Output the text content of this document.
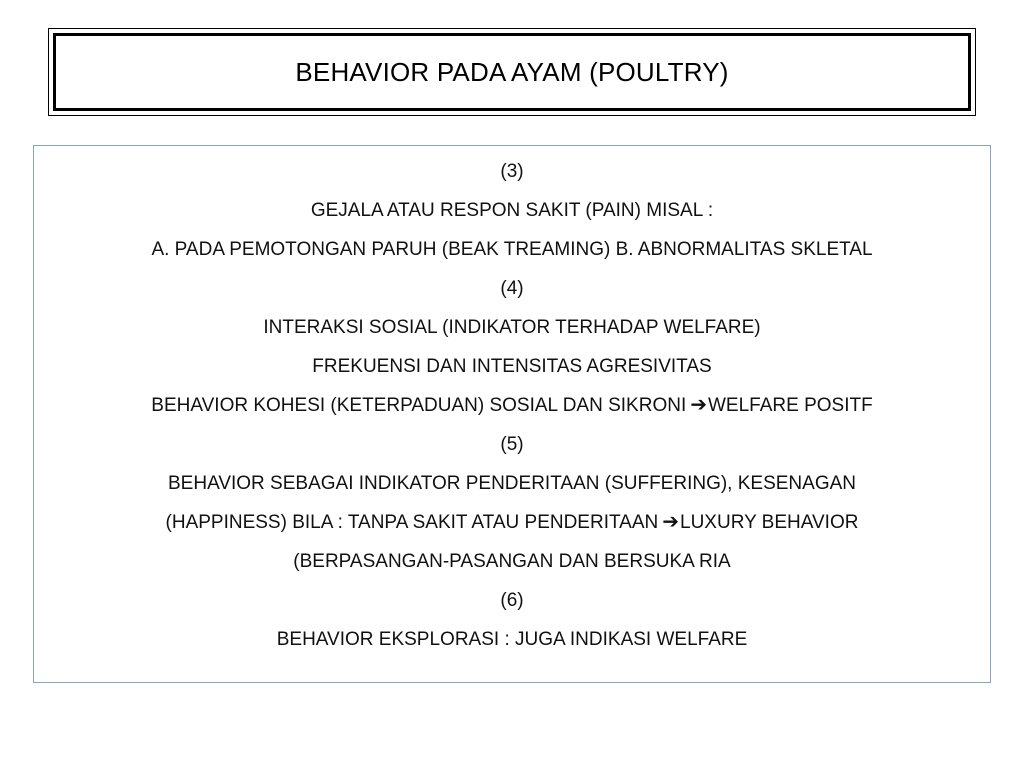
BEHAVIOR PADA AYAM (POULTRY)
(3)
GEJALA ATAU RESPON SAKIT (PAIN) MISAL :
A. PADA PEMOTONGAN PARUH (BEAK TREAMING) B. ABNORMALITAS SKLETAL
(4)
INTERAKSI SOSIAL (INDIKATOR TERHADAP WELFARE)
FREKUENSI DAN INTENSITAS AGRESIVITAS
BEHAVIOR KOHESI (KETERPADUAN) SOSIAL DAN SIKRONI ➔WELFARE POSITF
(5)
BEHAVIOR SEBAGAI INDIKATOR PENDERITAAN (SUFFERING), KESENAGAN
(HAPPINESS) BILA : TANPA SAKIT ATAU PENDERITAAN ➔LUXURY BEHAVIOR
(BERPASANGAN-PASANGAN DAN BERSUKA RIA
(6)
BEHAVIOR EKSPLORASI : JUGA INDIKASI WELFARE
